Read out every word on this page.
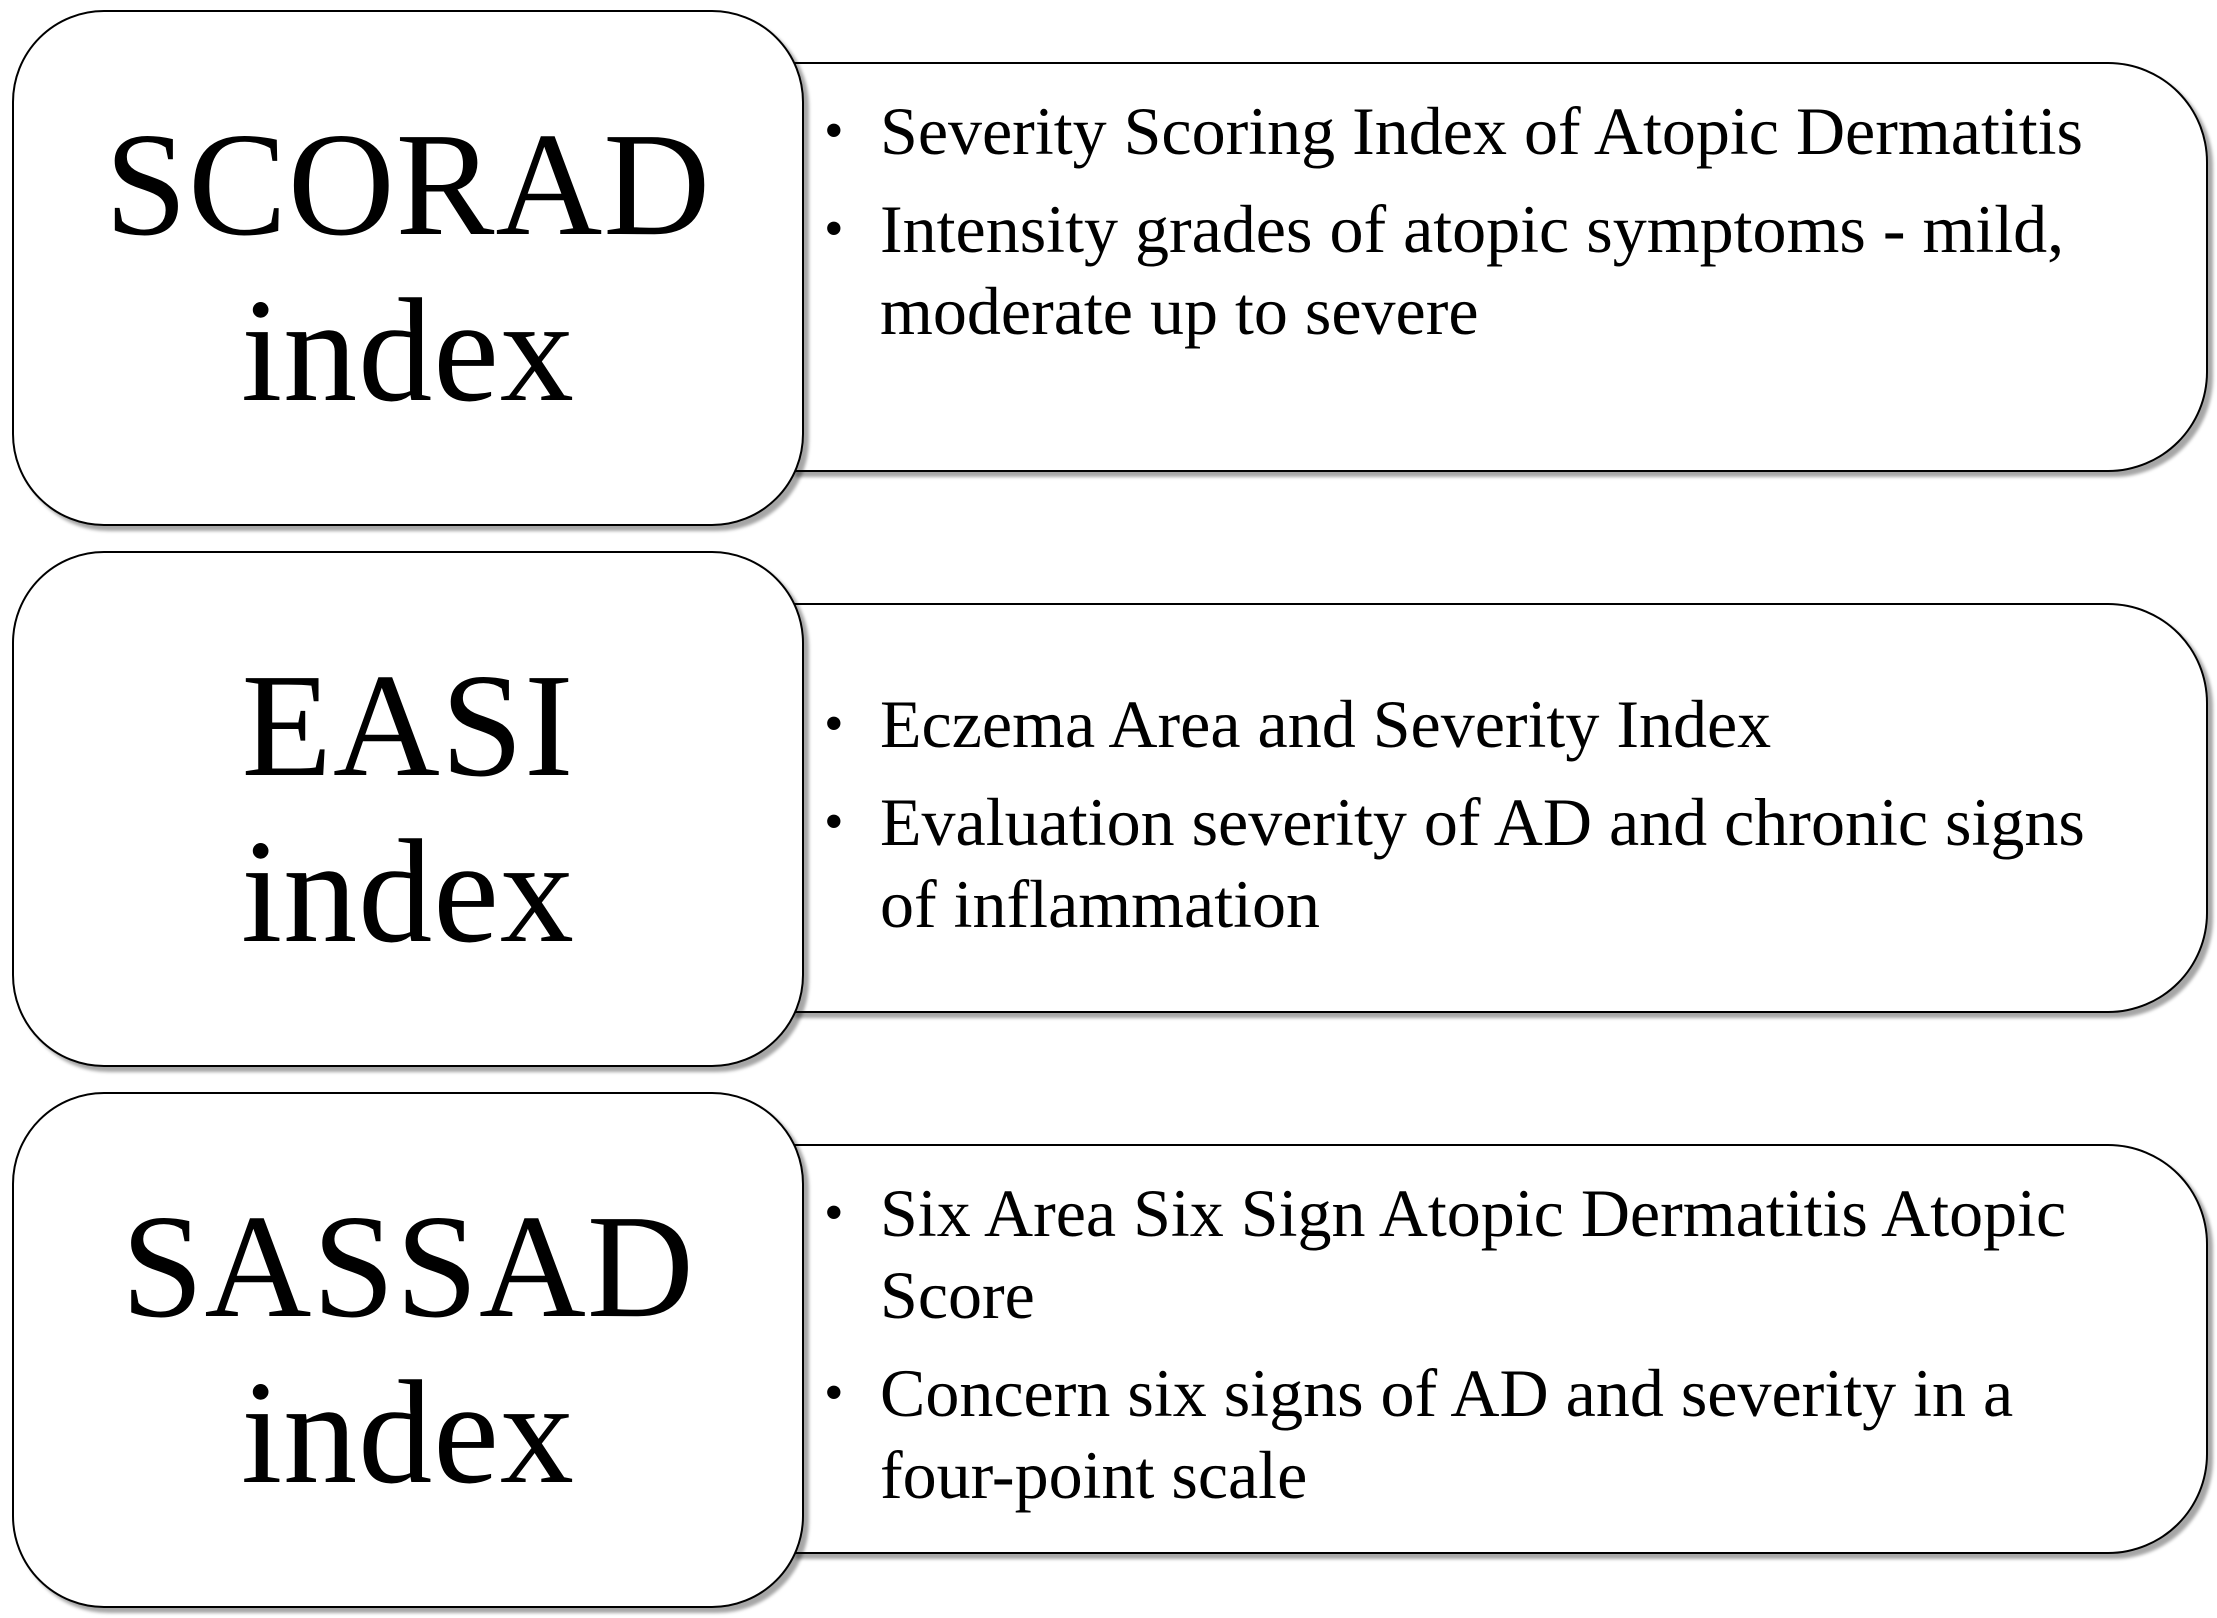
• Severity Scoring Index of Atopic Dermatitis
• Intensity grades of atopic symptoms - mild, moderate up to severe
SCORAD
index
• Eczema Area and Severity Index
• Evaluation severity of AD and chronic signs of inflammation
EASI
index
• Six Area Six Sign Atopic Dermatitis Atopic Score
• Concern six signs of AD and severity in a four-point scale
SASSAD
index
